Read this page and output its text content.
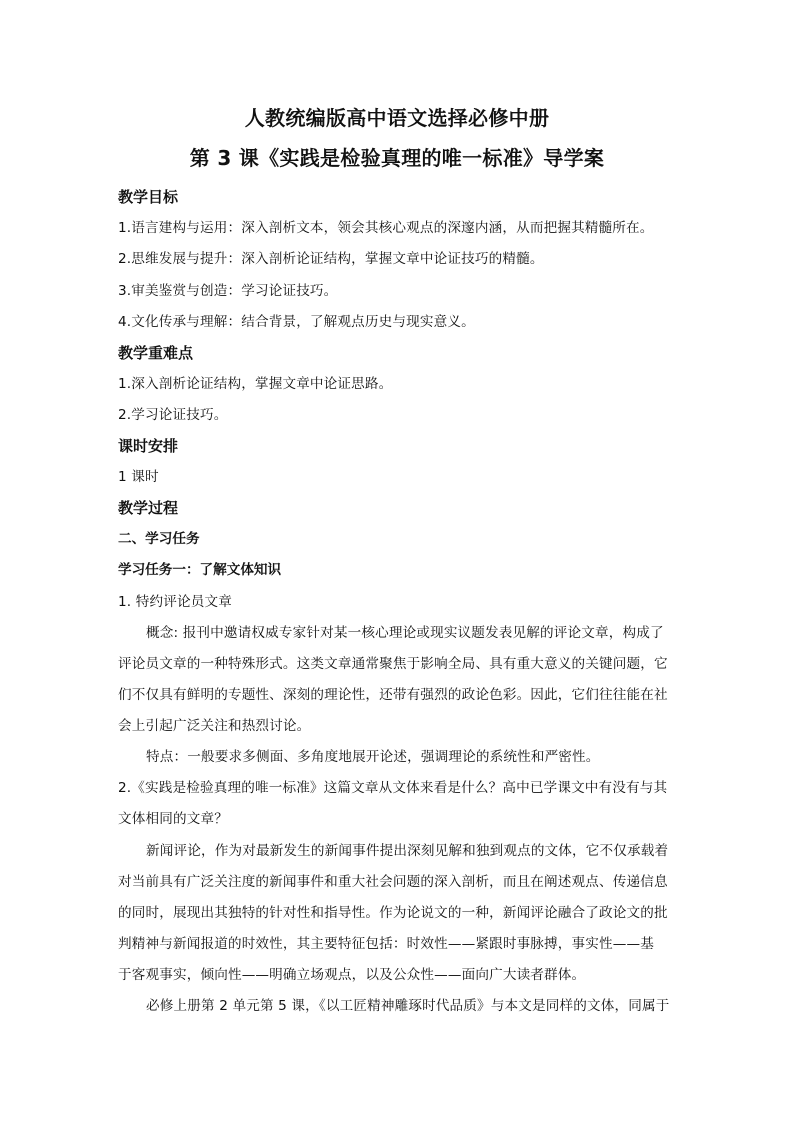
人教统编版高中语文选择必修中册
第 3 课《实践是检验真理的唯一标准》导学案
教学目标
1.语言建构与运用：深入剖析文本，领会其核心观点的深邃内涵，从而把握其精髓所在。
2.思维发展与提升：深入剖析论证结构，掌握文章中论证技巧的精髓。
3.审美鉴赏与创造：学习论证技巧。
4.文化传承与理解：结合背景，了解观点历史与现实意义。
教学重难点
1.深入剖析论证结构，掌握文章中论证思路。
2.学习论证技巧。
课时安排
1 课时
教学过程
二、学习任务
学习任务一：了解文体知识
1. 特约评论员文章
概念: 报刊中邀请权威专家针对某一核心理论或现实议题发表见解的评论文章，构成了
评论员文章的一种特殊形式。这类文章通常聚焦于影响全局、具有重大意义的关键问题，它
们不仅具有鲜明的专题性、深刻的理论性，还带有强烈的政论色彩。因此，它们往往能在社
会上引起广泛关注和热烈讨论。
特点：一般要求多侧面、多角度地展开论述，强调理论的系统性和严密性。
2.《实践是检验真理的唯一标准》这篇文章从文体来看是什么？高中已学课文中有没有与其
文体相同的文章？
新闻评论，作为对最新发生的新闻事件提出深刻见解和独到观点的文体，它不仅承载着
对当前具有广泛关注度的新闻事件和重大社会问题的深入剖析，而且在阐述观点、传递信息
的同时，展现出其独特的针对性和指导性。作为论说文的一种，新闻评论融合了政论文的批
判精神与新闻报道的时效性，其主要特征包括：时效性——紧跟时事脉搏，事实性——基
于客观事实，倾向性——明确立场观点，以及公众性——面向广大读者群体。
必修上册第 2 单元第 5 课，《以工匠精神雕琢时代品质》与本文是同样的文体，同属于
